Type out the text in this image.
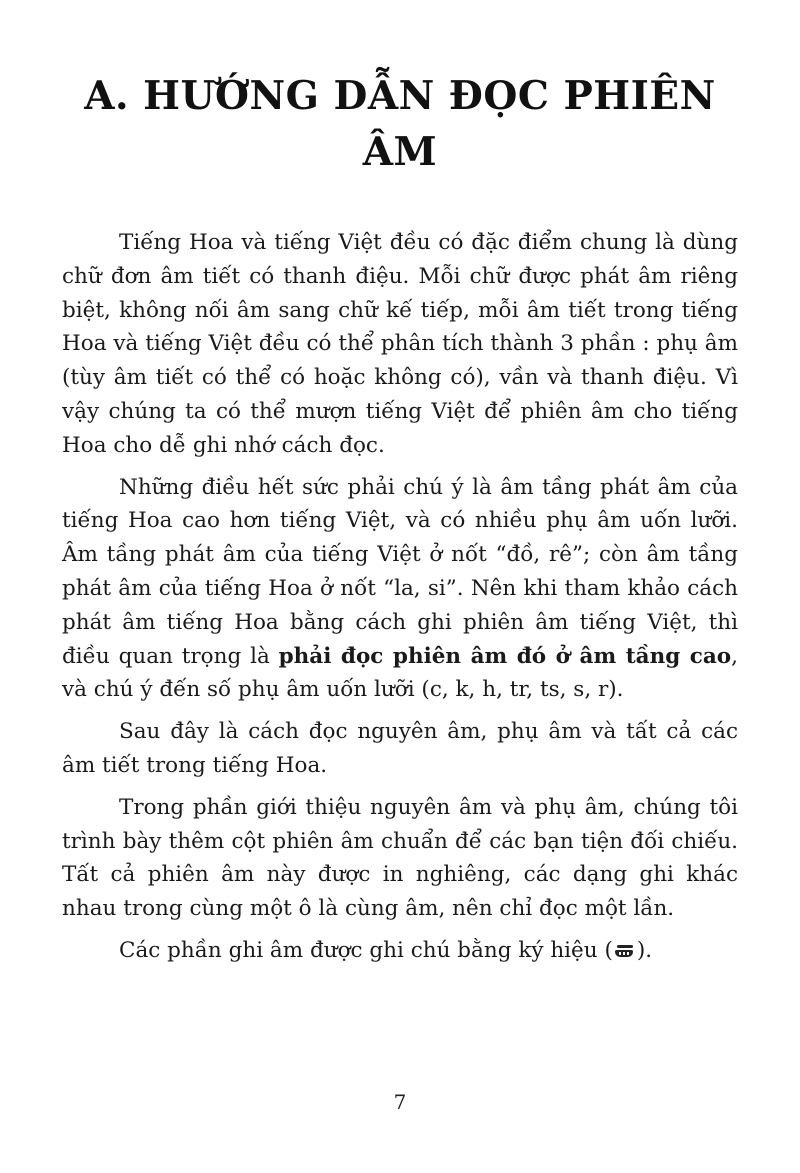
A. HƯỚNG DẪN ĐỌC PHIÊN ÂM

Tiếng Hoa và tiếng Việt đều có đặc điểm chung là dùng chữ đơn âm tiết có thanh điệu. Mỗi chữ được phát âm riêng biệt, không nối âm sang chữ kế tiếp, mỗi âm tiết trong tiếng Hoa và tiếng Việt đều có thể phân tích thành 3 phần : phụ âm (tùy âm tiết có thể có hoặc không có), vần và thanh điệu. Vì vậy chúng ta có thể mượn tiếng Việt để phiên âm cho tiếng Hoa cho dễ ghi nhớ cách đọc.

Những điều hết sức phải chú ý là âm tầng phát âm của tiếng Hoa cao hơn tiếng Việt, và có nhiều phụ âm uốn lưỡi. Âm tầng phát âm của tiếng Việt ở nốt “đồ, rê”; còn âm tầng phát âm của tiếng Hoa ở nốt “la, si”. Nên khi tham khảo cách phát âm tiếng Hoa bằng cách ghi phiên âm tiếng Việt, thì điều quan trọng là phải đọc phiên âm đó ở âm tầng cao, và chú ý đến số phụ âm uốn lưỡi (c, k, h, tr, ts, s, r).

Sau đây là cách đọc nguyên âm, phụ âm và tất cả các âm tiết trong tiếng Hoa.

Trong phần giới thiệu nguyên âm và phụ âm, chúng tôi trình bày thêm cột phiên âm chuẩn để các bạn tiện đối chiếu. Tất cả phiên âm này được in nghiêng, các dạng ghi khác nhau trong cùng một ô là cùng âm, nên chỉ đọc một lần.

Các phần ghi âm được ghi chú bằng ký hiệu ( ).

7
